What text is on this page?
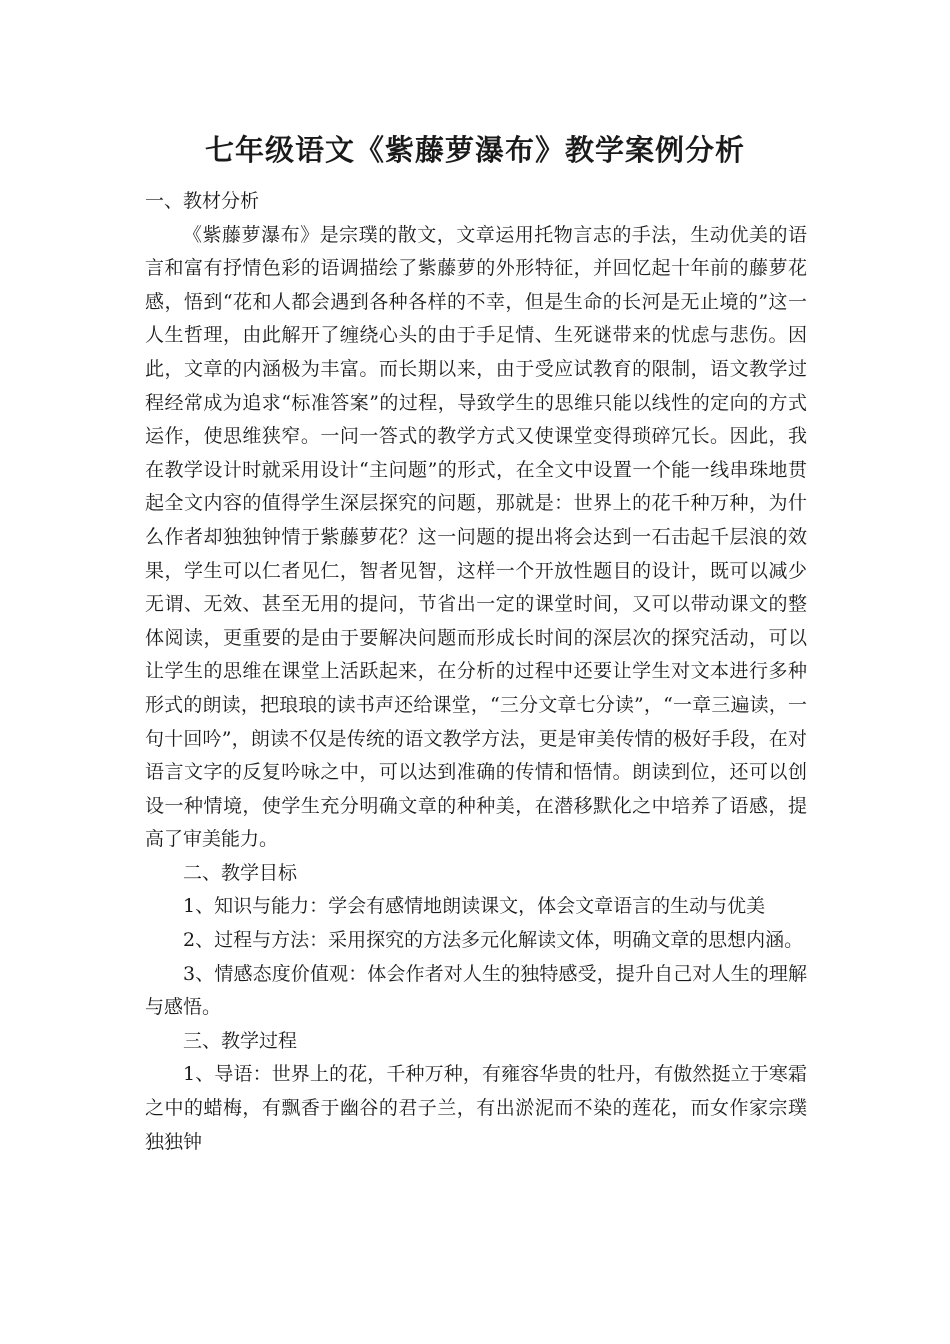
七年级语文《紫藤萝瀑布》教学案例分析

一、教材分析

《紫藤萝瀑布》是宗璞的散文，文章运用托物言志的手法，生动优美的语言和富有抒情色彩的语调描绘了紫藤萝的外形特征，并回忆起十年前的藤萝花感，悟到“花和人都会遇到各种各样的不幸，但是生命的长河是无止境的”这一人生哲理，由此解开了缠绕心头的由于手足情、生死谜带来的忧虑与悲伤。因此，文章的内涵极为丰富。而长期以来，由于受应试教育的限制，语文教学过程经常成为追求“标准答案”的过程，导致学生的思维只能以线性的定向的方式运作，使思维狭窄。一问一答式的教学方式又使课堂变得琐碎冗长。因此，我在教学设计时就采用设计“主问题”的形式，在全文中设置一个能一线串珠地贯起全文内容的值得学生深层探究的问题，那就是：世界上的花千种万种，为什么作者却独独钟情于紫藤萝花？这一问题的提出将会达到一石击起千层浪的效果，学生可以仁者见仁，智者见智，这样一个开放性题目的设计，既可以减少无谓、无效、甚至无用的提问，节省出一定的课堂时间，又可以带动课文的整体阅读，更重要的是由于要解决问题而形成长时间的深层次的探究活动，可以让学生的思维在课堂上活跃起来，在分析的过程中还要让学生对文本进行多种形式的朗读，把琅琅的读书声还给课堂，“三分文章七分读”，“一章三遍读，一句十回吟”，朗读不仅是传统的语文教学方法，更是审美传情的极好手段，在对语言文字的反复吟咏之中，可以达到准确的传情和悟情。朗读到位，还可以创设一种情境，使学生充分明确文章的种种美，在潜移默化之中培养了语感，提高了审美能力。

二、教学目标

1、知识与能力：学会有感情地朗读课文，体会文章语言的生动与优美

2、过程与方法：采用探究的方法多元化解读文体，明确文章的思想内涵。

3、情感态度价值观：体会作者对人生的独特感受，提升自己对人生的理解与感悟。

三、教学过程

1、导语：世界上的花，千种万种，有雍容华贵的牡丹，有傲然挺立于寒霜之中的蜡梅，有飘香于幽谷的君子兰，有出淤泥而不染的莲花，而女作家宗璞独独钟
